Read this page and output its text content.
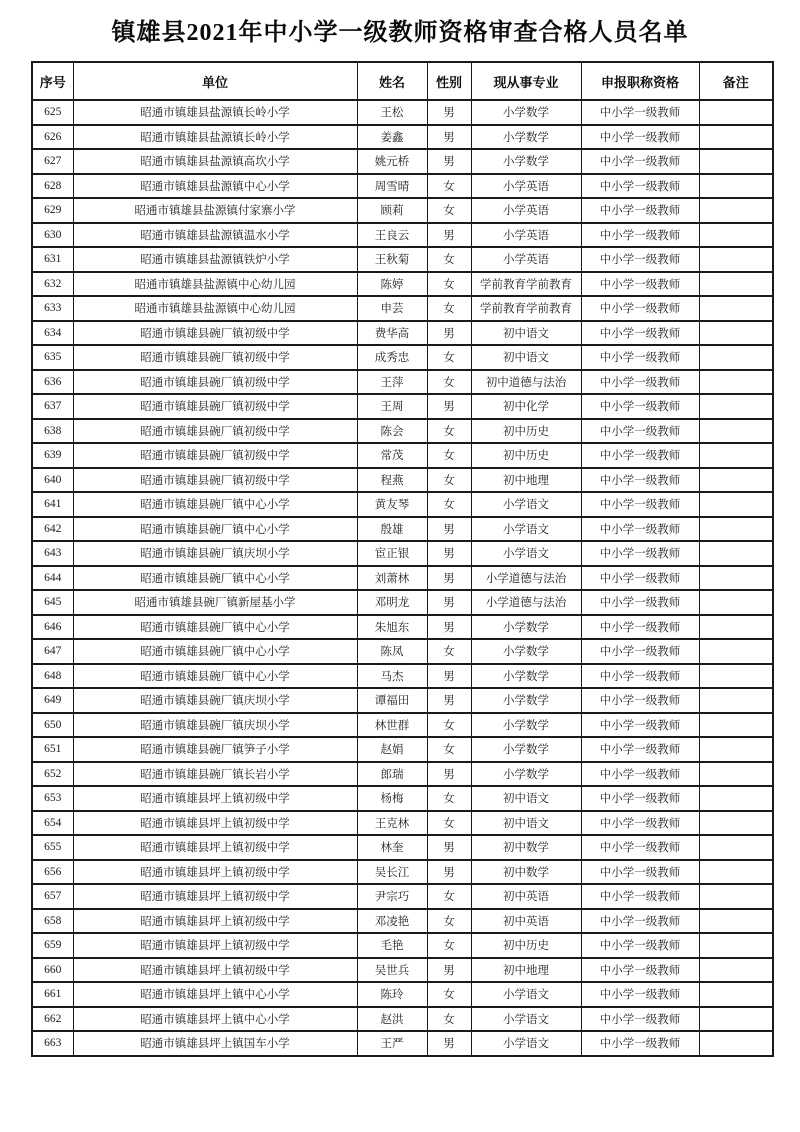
镇雄县2021年中小学一级教师资格审查合格人员名单
序号	单位	姓名	性别	现从事专业	申报职称资格	备注
625	昭通市镇雄县盐源镇长岭小学	王松	男	小学数学	中小学一级教师	
626	昭通市镇雄县盐源镇长岭小学	姜鑫	男	小学数学	中小学一级教师	
627	昭通市镇雄县盐源镇高坎小学	姚元桥	男	小学数学	中小学一级教师	
628	昭通市镇雄县盐源镇中心小学	周雪晴	女	小学英语	中小学一级教师	
629	昭通市镇雄县盐源镇付家寨小学	顾莉	女	小学英语	中小学一级教师	
630	昭通市镇雄县盐源镇温水小学	王良云	男	小学英语	中小学一级教师	
631	昭通市镇雄县盐源镇铁炉小学	王秋菊	女	小学英语	中小学一级教师	
632	昭通市镇雄县盐源镇中心幼儿园	陈婷	女	学前教育学前教育	中小学一级教师	
633	昭通市镇雄县盐源镇中心幼儿园	申芸	女	学前教育学前教育	中小学一级教师	
634	昭通市镇雄县碗厂镇初级中学	费华高	男	初中语文	中小学一级教师	
635	昭通市镇雄县碗厂镇初级中学	成秀忠	女	初中语文	中小学一级教师	
636	昭通市镇雄县碗厂镇初级中学	王萍	女	初中道德与法治	中小学一级教师	
637	昭通市镇雄县碗厂镇初级中学	王周	男	初中化学	中小学一级教师	
638	昭通市镇雄县碗厂镇初级中学	陈会	女	初中历史	中小学一级教师	
639	昭通市镇雄县碗厂镇初级中学	常茂	女	初中历史	中小学一级教师	
640	昭通市镇雄县碗厂镇初级中学	程燕	女	初中地理	中小学一级教师	
641	昭通市镇雄县碗厂镇中心小学	黄友琴	女	小学语文	中小学一级教师	
642	昭通市镇雄县碗厂镇中心小学	殷雄	男	小学语文	中小学一级教师	
643	昭通市镇雄县碗厂镇庆坝小学	宦正银	男	小学语文	中小学一级教师	
644	昭通市镇雄县碗厂镇中心小学	刘萧林	男	小学道德与法治	中小学一级教师	
645	昭通市镇雄县碗厂镇新屋基小学	邓明龙	男	小学道德与法治	中小学一级教师	
646	昭通市镇雄县碗厂镇中心小学	朱旭东	男	小学数学	中小学一级教师	
647	昭通市镇雄县碗厂镇中心小学	陈凤	女	小学数学	中小学一级教师	
648	昭通市镇雄县碗厂镇中心小学	马杰	男	小学数学	中小学一级教师	
649	昭通市镇雄县碗厂镇庆坝小学	谭福田	男	小学数学	中小学一级教师	
650	昭通市镇雄县碗厂镇庆坝小学	林世群	女	小学数学	中小学一级教师	
651	昭通市镇雄县碗厂镇笋子小学	赵娟	女	小学数学	中小学一级教师	
652	昭通市镇雄县碗厂镇长岩小学	郎瑞	男	小学数学	中小学一级教师	
653	昭通市镇雄县坪上镇初级中学	杨梅	女	初中语文	中小学一级教师	
654	昭通市镇雄县坪上镇初级中学	王克林	女	初中语文	中小学一级教师	
655	昭通市镇雄县坪上镇初级中学	林奎	男	初中数学	中小学一级教师	
656	昭通市镇雄县坪上镇初级中学	吴长江	男	初中数学	中小学一级教师	
657	昭通市镇雄县坪上镇初级中学	尹宗巧	女	初中英语	中小学一级教师	
658	昭通市镇雄县坪上镇初级中学	邓凌艳	女	初中英语	中小学一级教师	
659	昭通市镇雄县坪上镇初级中学	毛艳	女	初中历史	中小学一级教师	
660	昭通市镇雄县坪上镇初级中学	吴世兵	男	初中地理	中小学一级教师	
661	昭通市镇雄县坪上镇中心小学	陈玲	女	小学语文	中小学一级教师	
662	昭通市镇雄县坪上镇中心小学	赵洪	女	小学语文	中小学一级教师	
663	昭通市镇雄县坪上镇国车小学	王严	男	小学语文	中小学一级教师	
